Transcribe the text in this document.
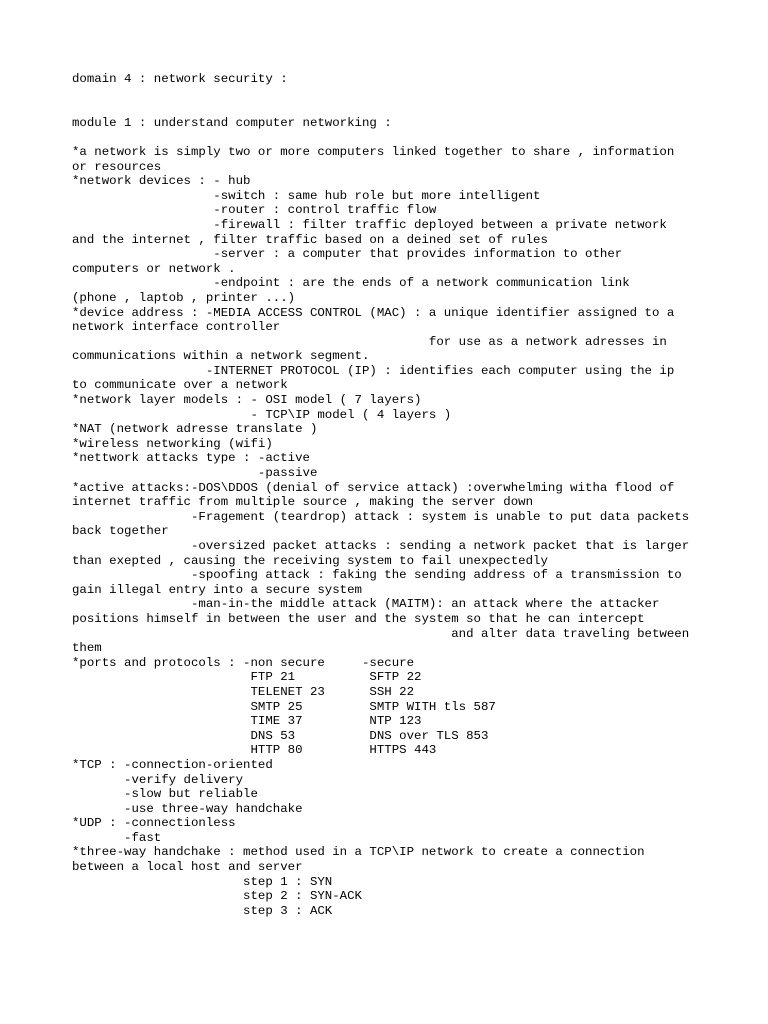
domain 4 : network security :
module 1 : understand computer networking :
*a network is simply two or more computers linked together to share , information
or resources
*network devices : - hub
-switch : same hub role but more intelligent
-router : control traffic flow
-firewall : filter traffic deployed between a private network
and the internet , filter traffic based on a deined set of rules
-server : a computer that provides information to other
computers or network .
-endpoint : are the ends of a network communication link
(phone , laptob , printer ...)
*device address : -MEDIA ACCESS CONTROL (MAC) : a unique identifier assigned to a
network interface controller
for use as a network adresses in
communications within a network segment.
-INTERNET PROTOCOL (IP) : identifies each computer using the ip
to communicate over a network
*network layer models : - OSI model ( 7 layers)
- TCP\IP model ( 4 layers )
*NAT (network adresse translate )
*wireless networking (wifi)
*nettwork attacks type : -active
-passive
*active attacks:-DOS\DDOS (denial of service attack) :overwhelming witha flood of
internet traffic from multiple source , making the server down
-Fragement (teardrop) attack : system is unable to put data packets
back together
-oversized packet attacks : sending a network packet that is larger
than exepted , causing the receiving system to fail unexpectedly
-spoofing attack : faking the sending address of a transmission to
gain illegal entry into a secure system
-man-in-the middle attack (MAITM): an attack where the attacker
positions himself in between the user and the system so that he can intercept
and alter data traveling between
them
*ports and protocols : -non secure     -secure
FTP 21          SFTP 22
TELENET 23      SSH 22
SMTP 25         SMTP WITH tls 587
TIME 37         NTP 123
DNS 53          DNS over TLS 853
HTTP 80         HTTPS 443
*TCP : -connection-oriented
-verify delivery
-slow but reliable
-use three-way handchake
*UDP : -connectionless
-fast
*three-way handchake : method used in a TCP\IP network to create a connection
between a local host and server
step 1 : SYN
step 2 : SYN-ACK
step 3 : ACK
